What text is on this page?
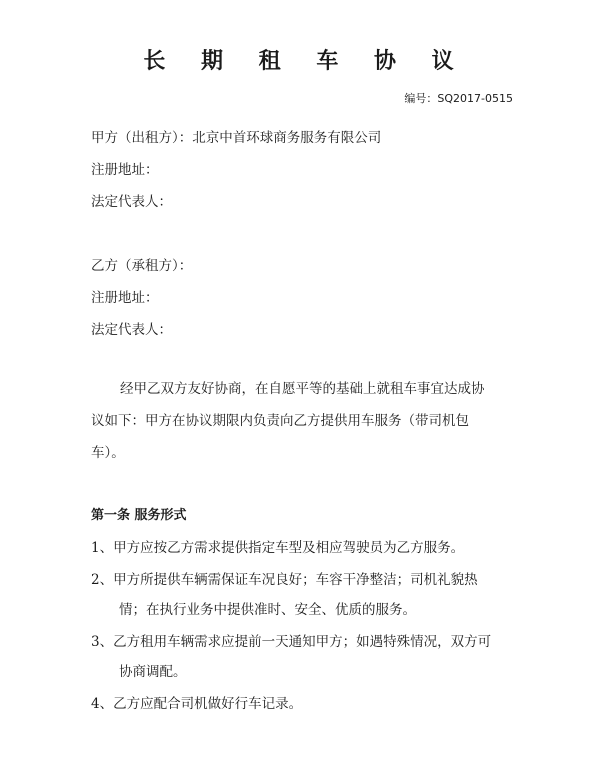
长 期 租 车 协 议
编号：SQ2017-0515
甲方（出租方）：北京中首环球商务服务有限公司
注册地址：
法定代表人：
乙方（承租方）：
注册地址：
法定代表人：
经甲乙双方友好协商，在自愿平等的基础上就租车事宜达成协
议如下：甲方在协议期限内负责向乙方提供用车服务（带司机包
车）。
第一条 服务形式
1、甲方应按乙方需求提供指定车型及相应驾驶员为乙方服务。
2、甲方所提供车辆需保证车况良好；车容干净整洁；司机礼貌热
情；在执行业务中提供准时、安全、优质的服务。
3、乙方租用车辆需求应提前一天通知甲方；如遇特殊情况，双方可
协商调配。
4、乙方应配合司机做好行车记录。
